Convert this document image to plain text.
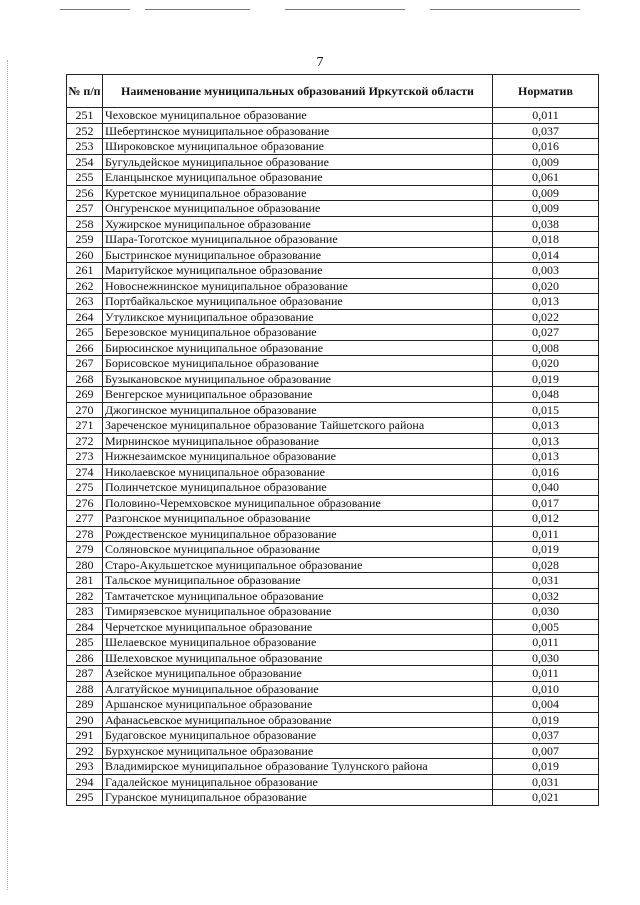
7
№ п/п	Наименование муниципальных образований Иркутской области	Норматив
251	Чеховское муниципальное образование	0,011
252	Шебертинское муниципальное образование	0,037
253	Широковское муниципальное образование	0,016
254	Бугульдейское муниципальное образование	0,009
255	Еланцынское муниципальное образование	0,061
256	Куретское муниципальное образование	0,009
257	Онгуренское муниципальное образование	0,009
258	Хужирское муниципальное образование	0,038
259	Шара-Тоготское муниципальное образование	0,018
260	Быстринское муниципальное образование	0,014
261	Маритуйское муниципальное образование	0,003
262	Новоснежнинское муниципальное образование	0,020
263	Портбайкальское муниципальное образование	0,013
264	Утуликское муниципальное образование	0,022
265	Березовское муниципальное образование	0,027
266	Бирюсинское муниципальное образование	0,008
267	Борисовское муниципальное образование	0,020
268	Бузыкановское муниципальное образование	0,019
269	Венгерское муниципальное образование	0,048
270	Джогинское муниципальное образование	0,015
271	Зареченское муниципальное образование Тайшетского района	0,013
272	Мирнинское муниципальное образование	0,013
273	Нижнезаимское муниципальное образование	0,013
274	Николаевское муниципальное образование	0,016
275	Полинчетское муниципальное образование	0,040
276	Половино-Черемховское муниципальное образование	0,017
277	Разгонское муниципальное образование	0,012
278	Рождественское муниципальное образование	0,011
279	Соляновское муниципальное образование	0,019
280	Старо-Акульшетское муниципальное образование	0,028
281	Тальское муниципальное образование	0,031
282	Тамтачетское муниципальное образование	0,032
283	Тимирязевское муниципальное образование	0,030
284	Черчетское муниципальное образование	0,005
285	Шелаевское муниципальное образование	0,011
286	Шелеховское муниципальное образование	0,030
287	Азейское муниципальное образование	0,011
288	Алгатуйское муниципальное образование	0,010
289	Аршанское муниципальное образование	0,004
290	Афанасьевское муниципальное образование	0,019
291	Будаговское муниципальное образование	0,037
292	Бурхунское муниципальное образование	0,007
293	Владимирское муниципальное образование Тулунского района	0,019
294	Гадалейское муниципальное образование	0,031
295	Гуранское муниципальное образование	0,021
